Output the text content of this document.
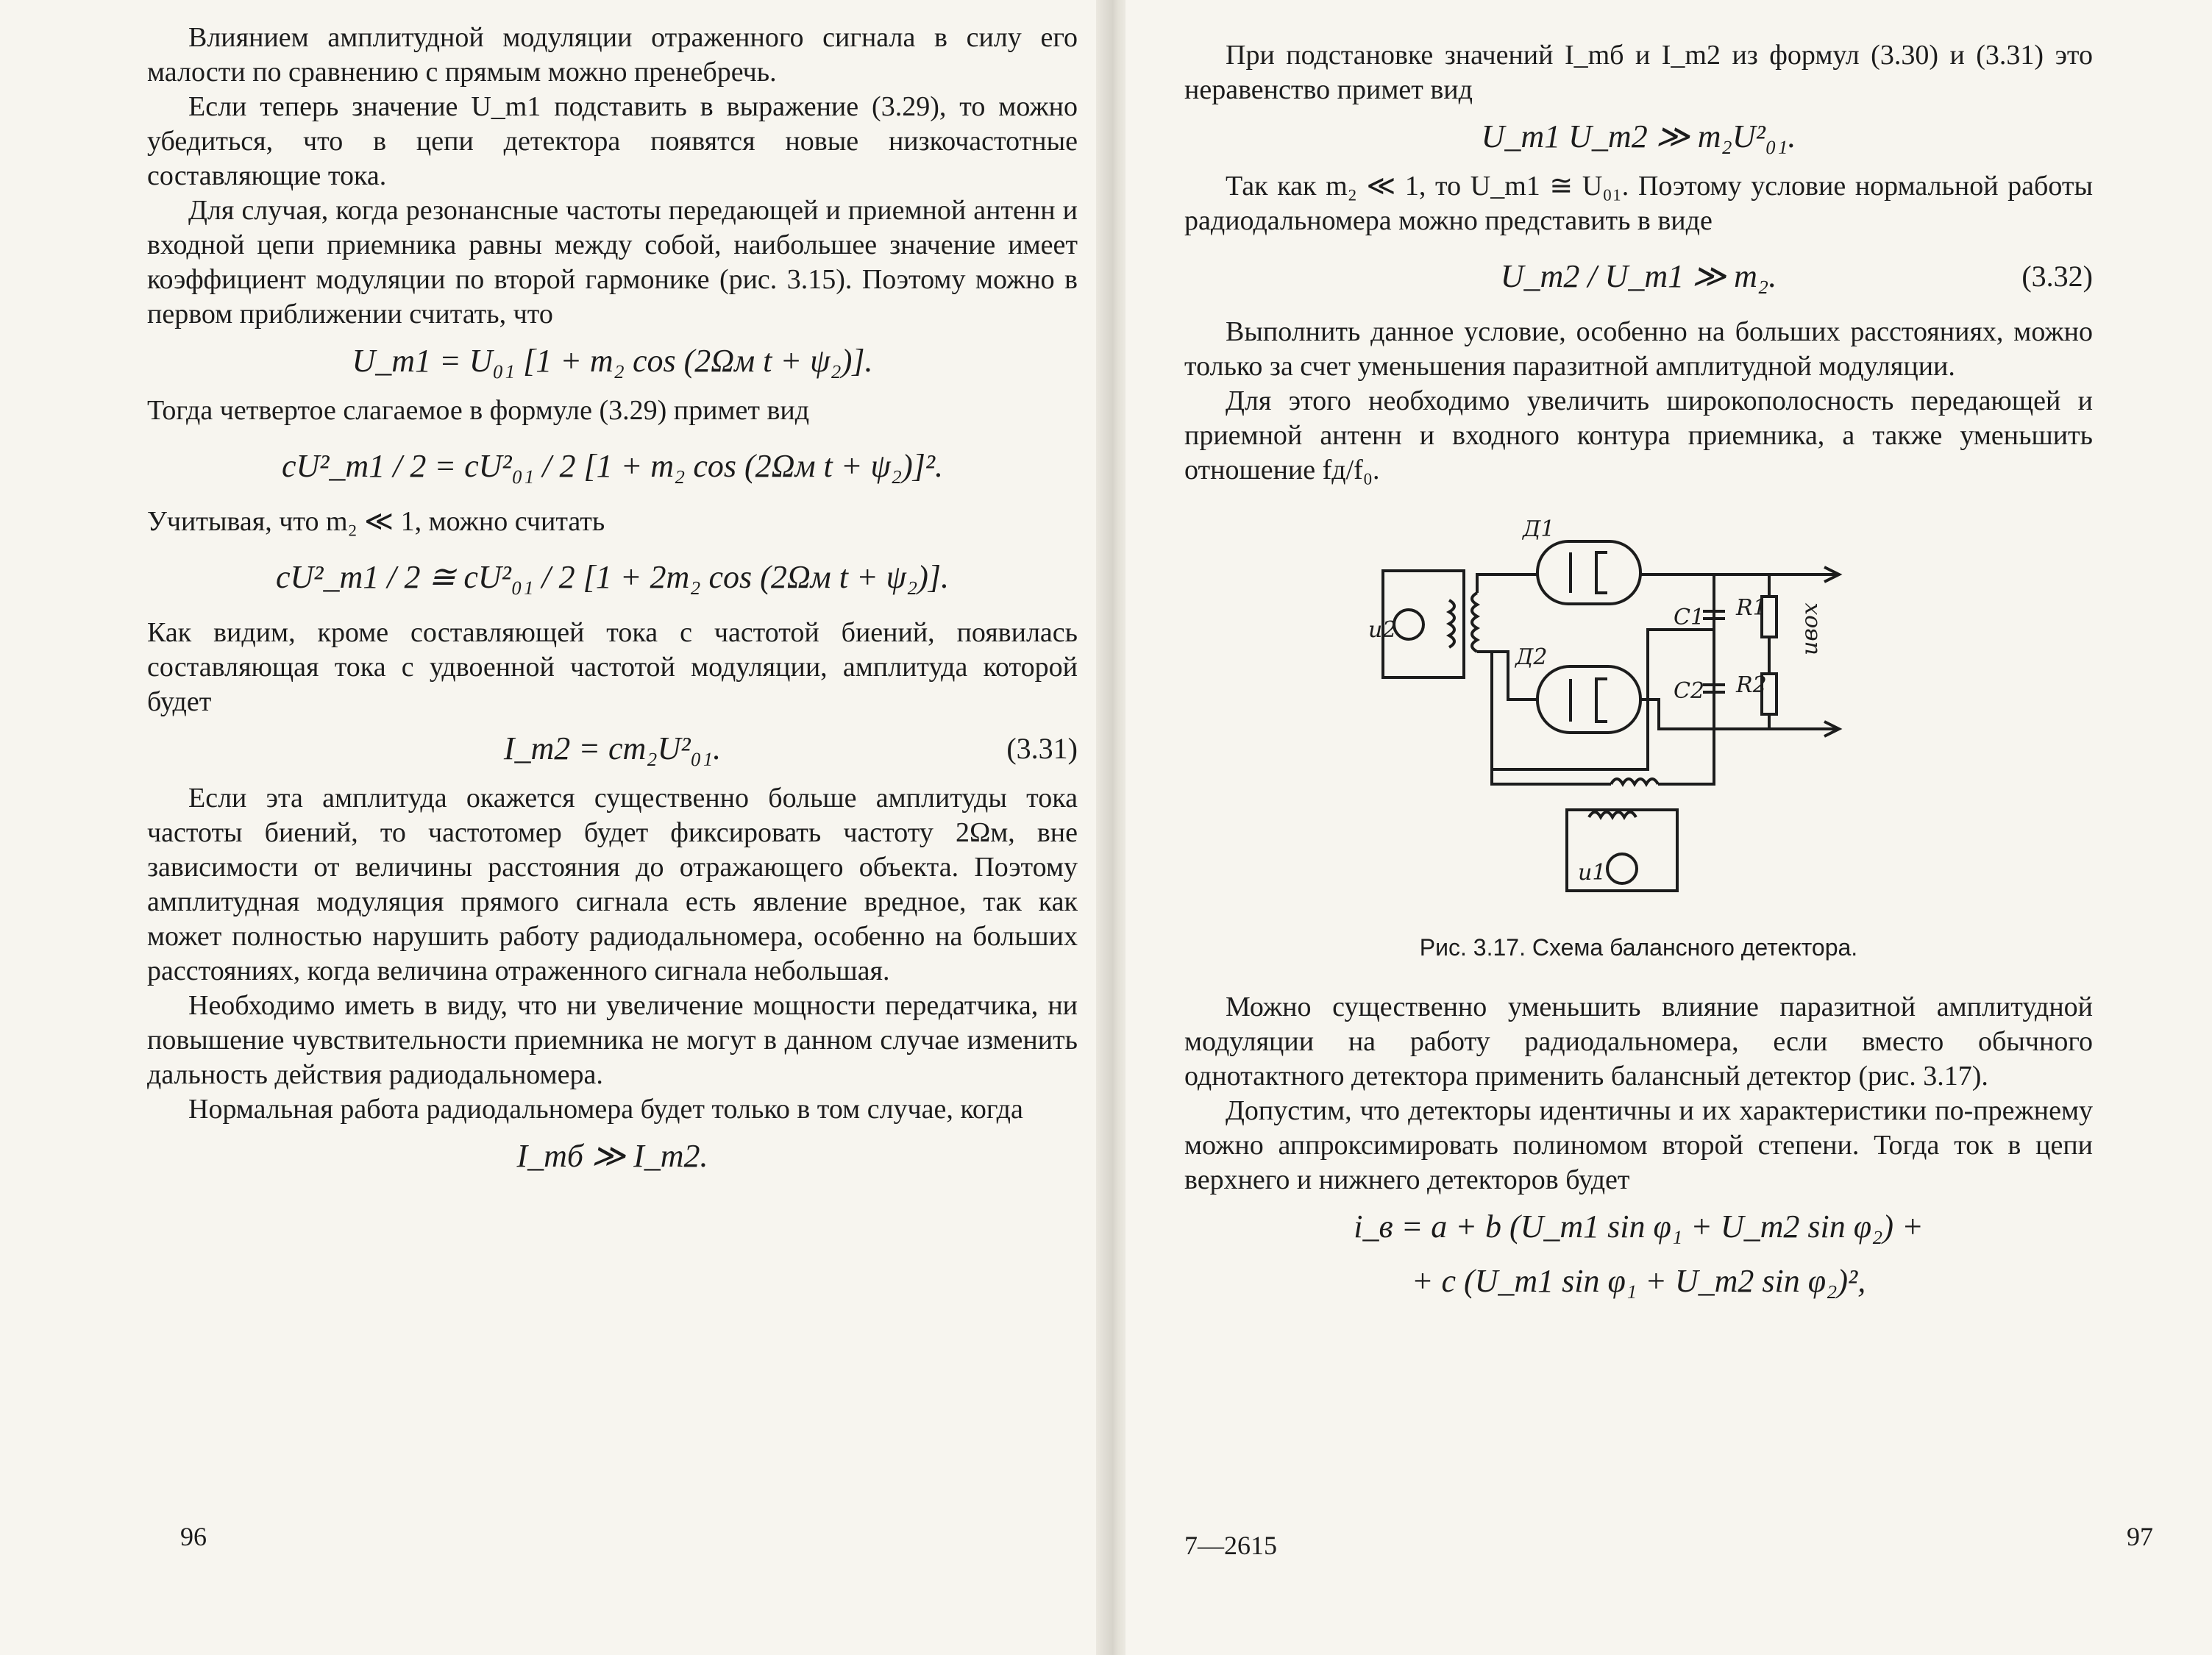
Влиянием амплитудной модуляции отраженного сигнала в силу его малости по сравнению с прямым можно пренебречь.

Если теперь значение U_m1 подставить в выражение (3.29), то можно убедиться, что в цепи детектора появятся новые низкочастотные составляющие тока.

Для случая, когда резонансные частоты передающей и приемной антенн и входной цепи приемника равны между собой, наибольшее значение имеет коэффициент модуляции по второй гармонике (рис. 3.15). Поэтому можно в первом приближении считать, что

U_m1 = U₀₁ [1 + m₂ cos (2Ωм t + ψ₂)].

Тогда четвертое слагаемое в формуле (3.29) примет вид

cU²_m1 / 2 = cU²₀₁ / 2 [1 + m₂ cos (2Ωм t + ψ₂)]².

Учитывая, что m₂ ≪ 1, можно считать

cU²_m1 / 2 ≅ cU²₀₁ / 2 [1 + 2m₂ cos (2Ωм t + ψ₂)].

Как видим, кроме составляющей тока с частотой биений, появилась составляющая тока с удвоенной частотой модуляции, амплитуда которой будет

I_m2 = cm₂U²₀₁.	(3.31)

Если эта амплитуда окажется существенно больше амплитуды тока частоты биений, то частотомер будет фиксировать частоту 2Ωм, вне зависимости от величины расстояния до отражающего объекта. Поэтому амплитудная модуляция прямого сигнала есть явление вредное, так как может полностью нарушить работу радиодальномера, особенно на больших расстояниях, когда величина отраженного сигнала небольшая.

Необходимо иметь в виду, что ни увеличение мощности передатчика, ни повышение чувствительности приемника не могут в данном случае изменить дальность действия радиодальномера.

Нормальная работа радиодальномера будет только в том случае, когда

I_mб ≫ I_m2.
96

При подстановке значений I_mб и I_m2 из формул (3.30) и (3.31) это неравенство примет вид

U_m1 U_m2 ≫ m₂U²₀₁.

Так как m₂ ≪ 1, то U_m1 ≅ U₀₁. Поэтому условие нормальной работы радиодальномера можно представить в виде

U_m2 / U_m1 ≫ m₂.	(3.32)

Выполнить данное условие, особенно на больших расстояниях, можно только за счет уменьшения паразитной амплитудной модуляции.

Для этого необходимо увеличить широкополосность передающей и приемной антенн и входного контура приемника, а также уменьшить отношение fд/f₀.

Д1
Д2
C1
C2
R1
R2
u2
u1
uвох
Рис. 3.17. Схема балансного детектора.

Можно существенно уменьшить влияние паразитной амплитудной модуляции на работу радиодальномера, если вместо обычного однотактного детектора применить балансный детектор (рис. 3.17).

Допустим, что детекторы идентичны и их характеристики по-прежнему можно аппроксимировать полиномом второй степени. Тогда ток в цепи верхнего и нижнего детекторов будет

i_в = a + b (U_m1 sin φ₁ + U_m2 sin φ₂) +
+ c (U_m1 sin φ₁ + U_m2 sin φ₂)²,
7—2615	97
